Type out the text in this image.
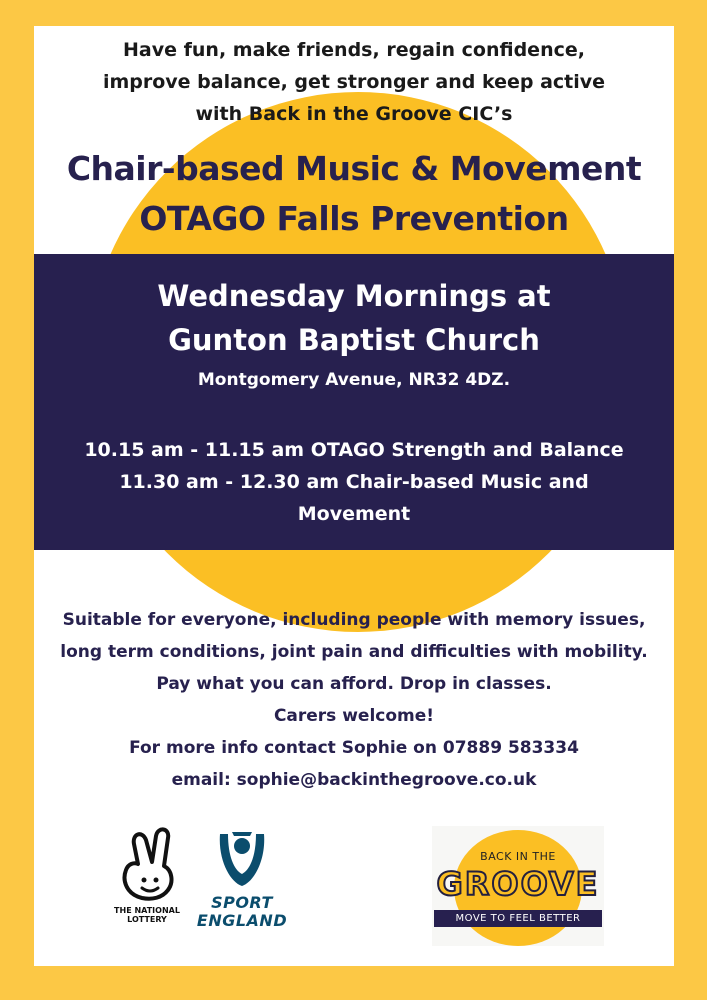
Have fun, make friends, regain confidence,
improve balance, get stronger and keep active
with Back in the Groove CIC’s
Chair-based Music & Movement
OTAGO Falls Prevention
Wednesday Mornings at
Gunton Baptist Church
Montgomery Avenue, NR32 4DZ.
10.15 am - 11.15 am OTAGO Strength and Balance
11.30 am - 12.30 am Chair-based Music and
Movement
Suitable for everyone, including people with memory issues,
long term conditions, joint pain and difficulties with mobility.
Pay what you can afford. Drop in classes.
Carers welcome!
For more info contact Sophie on 07889 583334
email: sophie@backinthegroove.co.uk
THE NATIONAL
LOTTERY
SPORT
ENGLAND
BACK IN THE
GROOVE
MOVE TO FEEL BETTER
